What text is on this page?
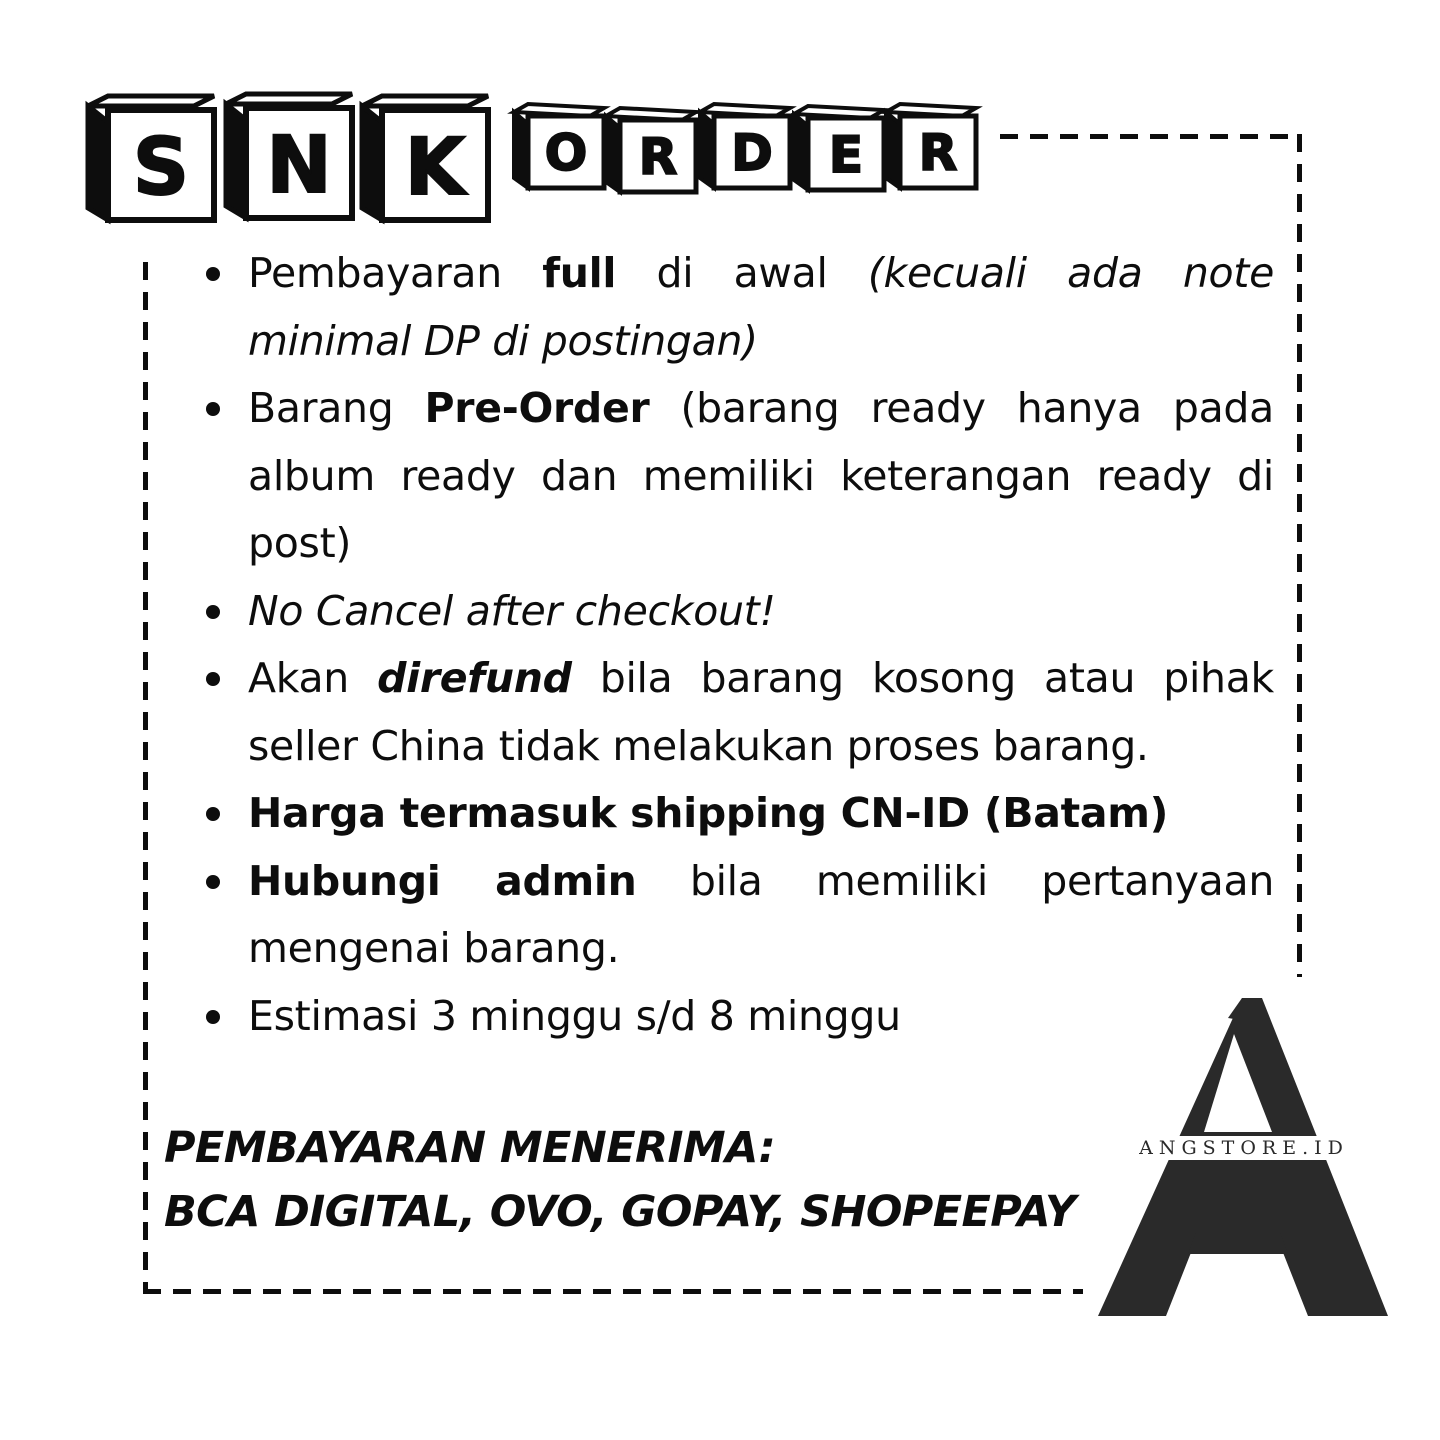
S N K O R D E R
Pembayaran full di awal (kecuali ada note minimal DP di postingan)
Barang Pre-Order (barang ready hanya pada album ready dan memiliki keterangan ready di post)
No Cancel after checkout!
Akan direfund bila barang kosong atau pihak seller China tidak melakukan proses barang.
Harga termasuk shipping CN-ID (Batam)
Hubungi admin bila memiliki pertanyaan mengenai barang.
Estimasi 3 minggu s/d 8 minggu
PEMBAYARAN MENERIMA:
BCA DIGITAL, OVO, GOPAY, SHOPEEPAY
ANGSTORE.ID
